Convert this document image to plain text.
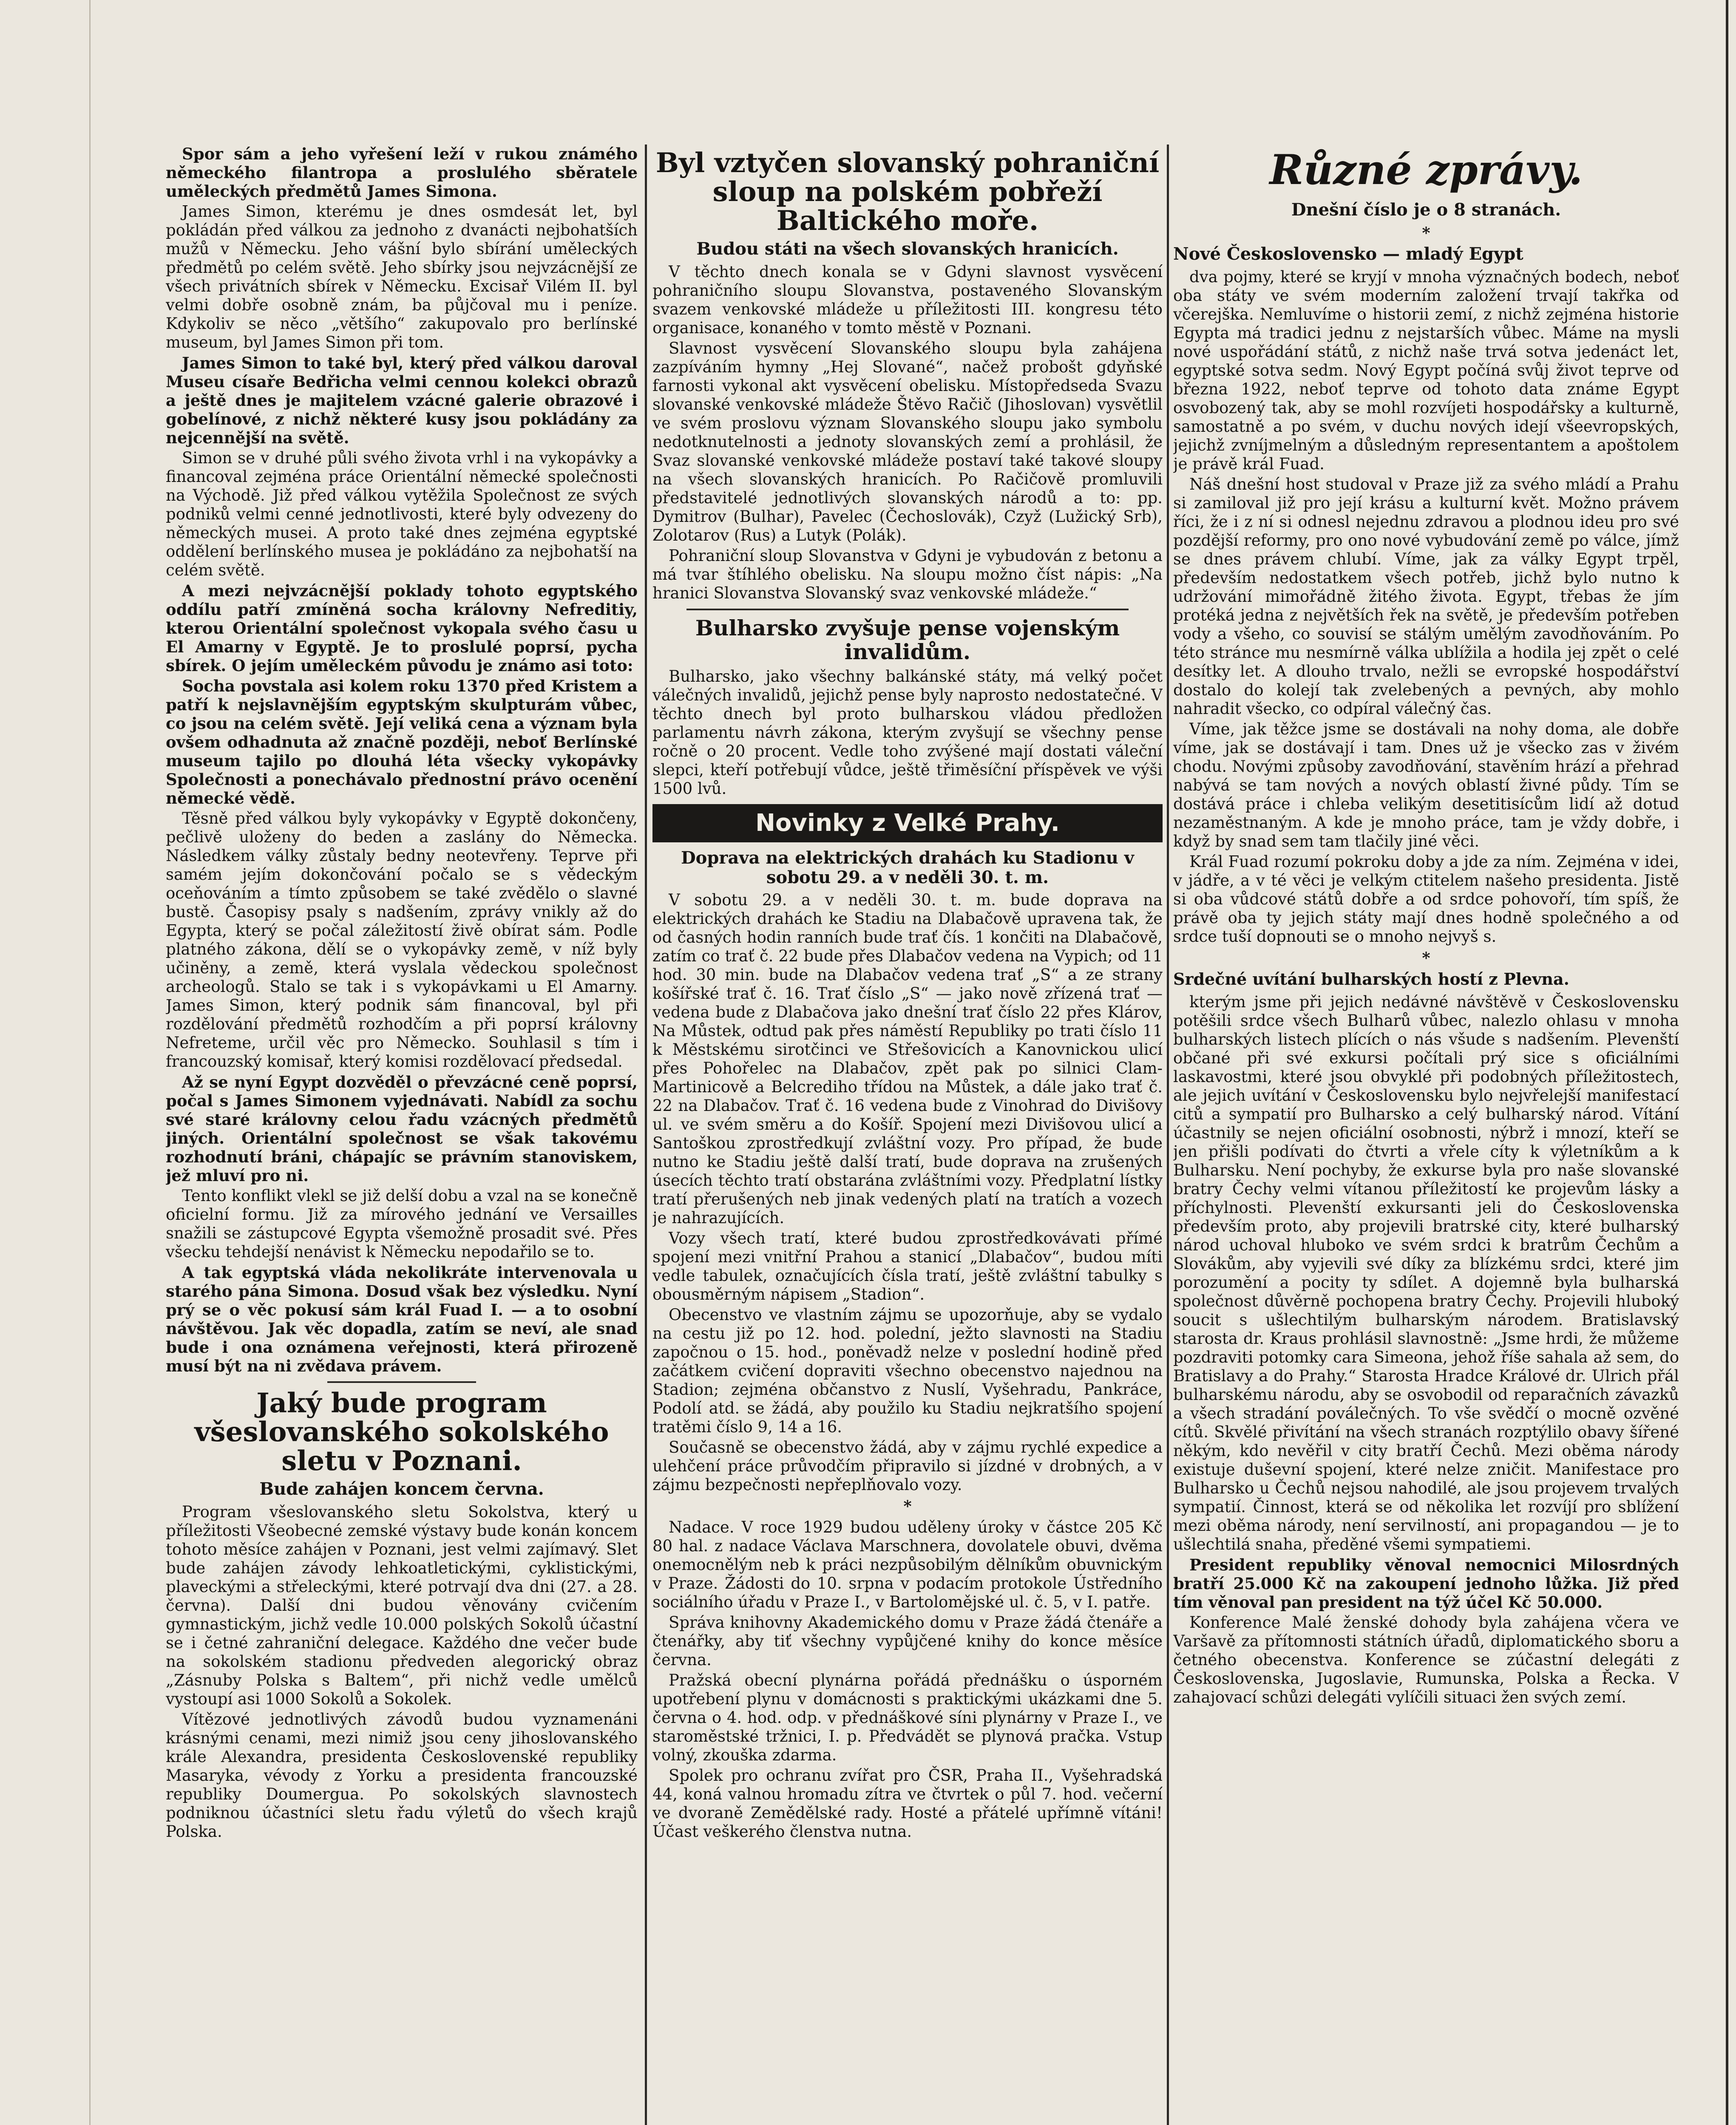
Spor sám a jeho vyřešení leží v rukou známého německého filantropa a proslulého sběratele uměleckých předmětů James Simona.

James Simon, kterému je dnes osmdesát let, byl pokládán před válkou za jednoho z dvanácti nejbohatších mužů v Německu. Jeho vášní bylo sbírání uměleckých předmětů po celém světě. Jeho sbírky jsou nejvzácnější ze všech privátních sbírek v Německu. Excisař Vilém II. byl velmi dobře osobně znám, ba půjčoval mu i peníze. Kdykoliv se něco „většího“ zakupovalo pro berlínské museum, byl James Simon při tom.

James Simon to také byl, který před válkou daroval Museu císaře Bedřicha velmi cennou kolekci obrazů a ještě dnes je majitelem vzácné galerie obrazové i gobelínové, z nichž některé kusy jsou pokládány za nejcennější na světě.

Simon se v druhé půli svého života vrhl i na vykopávky a financoval zejména práce Orientální německé společnosti na Východě. Již před válkou vytěžila Společnost ze svých podniků velmi cenné jednotlivosti, které byly odvezeny do německých musei. A proto také dnes zejména egyptské oddělení berlínského musea je pokládáno za nejbohatší na celém světě.

A mezi nejvzácnější poklady tohoto egyptského oddílu patří zmíněná socha královny Nefreditiy, kterou Orientální společnost vykopala svého času u El Amarny v Egyptě. Je to proslulé poprsí, pycha sbírek. O jejím uměleckém původu je známo asi toto:

Socha povstala asi kolem roku 1370 před Kristem a patří k nejslavnějším egyptským skulpturám vůbec, co jsou na celém světě. Její veliká cena a význam byla ovšem odhadnuta až značně později, neboť Berlínské museum tajilo po dlouhá léta všecky vykopávky Společnosti a ponechávalo přednostní právo ocenění německé vědě.

Těsně před válkou byly vykopávky v Egyptě dokončeny, pečlivě uloženy do beden a zaslány do Německa. Následkem války zůstaly bedny neotevřeny. Teprve při samém jejím dokončování počalo se s vědeckým oceňováním a tímto způsobem se také zvědělo o slavné bustě. Časopisy psaly s nadšením, zprávy vnikly až do Egypta, který se počal záležitostí živě obírat sám. Podle platného zákona, dělí se o vykopávky země, v níž byly učiněny, a země, která vyslala vědeckou společnost archeologů. Stalo se tak i s vykopávkami u El Amarny. James Simon, který podnik sám financoval, byl při rozdělování předmětů rozhodčím a při poprsí královny Nefreteme, určil věc pro Německo. Souhlasil s tím i francouzský komisař, který komisi rozdělovací předsedal.

Až se nyní Egypt dozvěděl o převzácné ceně poprsí, počal s James Simonem vyjednávati. Nabídl za sochu své staré královny celou řadu vzácných předmětů jiných. Orientální společnost se však takovému rozhodnutí bráni, chápajíc se právním stanoviskem, jež mluví pro ni.

Tento konflikt vlekl se již delší dobu a vzal na se konečně oficielní formu. Již za mírového jednání ve Versailles snažili se zástupcové Egypta všemožně prosadit své. Přes všecku tehdejší nenávist k Německu nepodařilo se to.

A tak egyptská vláda nekolikráte intervenovala u starého pána Simona. Dosud však bez výsledku. Nyní prý se o věc pokusí sám král Fuad I. — a to osobní návštěvou. Jak věc dopadla, zatím se neví, ale snad bude i ona oznámena veřejnosti, která přirozeně musí být na ni zvědava právem.

Jaký bude program všeslovanského sokolského sletu v Poznani.
Bude zahájen koncem června.

Program všeslovanského sletu Sokolstva, který u příležitosti Všeobecné zemské výstavy bude konán koncem tohoto měsíce zahájen v Poznani, jest velmi zajímavý. Slet bude zahájen závody lehkoatletickými, cyklistickými, plaveckými a střeleckými, které potrvají dva dni (27. a 28. června). Další dni budou věnovány cvičením gymnastickým, jichž vedle 10.000 polských Sokolů účastní se i četné zahraniční delegace. Každého dne večer bude na sokolském stadionu předveden alegorický obraz „Zásnuby Polska s Baltem“, při nichž vedle umělců vystoupí asi 1000 Sokolů a Sokolek.

Vítězové jednotlivých závodů budou vyznamenáni krásnými cenami, mezi nimiž jsou ceny jihoslovanského krále Alexandra, presidenta Československé republiky Masaryka, vévody z Yorku a presidenta francouzské republiky Doumergua. Po sokolských slavnostech podniknou účastníci sletu řadu výletů do všech krajů Polska.

Byl vztyčen slovanský pohraniční sloup na polském pobřeží Baltického moře.
Budou státi na všech slovanských hranicích.

V těchto dnech konala se v Gdyni slavnost vysvěcení pohraničního sloupu Slovanstva, postaveného Slovanským svazem venkovské mládeže u příležitosti III. kongresu této organisace, konaného v tomto městě v Poznani.

Slavnost vysvěcení Slovanského sloupu byla zahájena zazpíváním hymny „Hej Slované“, načež probošt gdyňské farnosti vykonal akt vysvěcení obelisku. Místopředseda Svazu slovanské venkovské mládeže Štěvo Račič (Jihoslovan) vysvětlil ve svém proslovu význam Slovanského sloupu jako symbolu nedotknutelnosti a jednoty slovanských zemí a prohlásil, že Svaz slovanské venkovské mládeže postaví také takové sloupy na všech slovanských hranicích. Po Račičově promluvili představitelé jednotlivých slovanských národů a to: pp. Dymitrov (Bulhar), Pavelec (Čechoslovák), Czyž (Lužický Srb), Zolotarov (Rus) a Lutyk (Polák).

Pohraniční sloup Slovanstva v Gdyni je vybudován z betonu a má tvar štíhlého obelisku. Na sloupu možno číst nápis: „Na hranici Slovanstva Slovanský svaz venkovské mládeže.“

Bulharsko zvyšuje pense vojenským invalidům.

Bulharsko, jako všechny balkánské státy, má velký počet válečných invalidů, jejichž pense byly naprosto nedostatečné. V těchto dnech byl proto bulharskou vládou předložen parlamentu návrh zákona, kterým zvyšují se všechny pense ročně o 20 procent. Vedle toho zvýšené mají dostati váleční slepci, kteří potřebují vůdce, ještě třiměsíční příspěvek ve výši 1500 lvů.

Novinky z Velké Prahy.
Doprava na elektrických drahách ku Stadionu v sobotu 29. a v neděli 30. t. m.

V sobotu 29. a v neděli 30. t. m. bude doprava na elektrických drahách ke Stadiu na Dlabačově upravena tak, že od časných hodin ranních bude trať čís. 1 končiti na Dlabačově, zatím co trať č. 22 bude přes Dlabačov vedena na Vypich; od 11 hod. 30 min. bude na Dlabačov vedena trať „S“ a ze strany košířské trať č. 16. Trať číslo „S“ — jako nově zřízená trať — vedena bude z Dlabačova jako dnešní trať číslo 22 přes Klárov, Na Můstek, odtud pak přes náměstí Republiky po trati číslo 11 k Městskému sirotčinci ve Střešovicích a Kanovnickou ulicí přes Pohořelec na Dlabačov, zpět pak po silnici Clam-Martinicově a Belcrediho třídou na Můstek, a dále jako trať č. 22 na Dlabačov. Trať č. 16 vedena bude z Vinohrad do Divišovy ul. ve svém směru a do Košíř. Spojení mezi Divišovou ulicí a Santoškou zprostředkují zvláštní vozy. Pro případ, že bude nutno ke Stadiu ještě další tratí, bude doprava na zrušených úsecích těchto tratí obstarána zvláštními vozy. Předplatní lístky tratí přerušených neb jinak vedených platí na tratích a vozech je nahrazujících.

Vozy všech tratí, které budou zprostředkovávati přímé spojení mezi vnitřní Prahou a stanicí „Dlabačov“, budou míti vedle tabulek, označujících čísla tratí, ještě zvláštní tabulky s obousměrným nápisem „Stadion“.

Obecenstvo ve vlastním zájmu se upozorňuje, aby se vydalo na cestu již po 12. hod. polední, ježto slavnosti na Stadiu započnou o 15. hod., poněvadž nelze v poslední hodině před začátkem cvičení dopraviti všechno obecenstvo najednou na Stadion; zejména občanstvo z Nuslí, Vyšehradu, Pankráce, Podolí atd. se žádá, aby použilo ku Stadiu nejkratšího spojení tratěmi číslo 9, 14 a 16.

Současně se obecenstvo žádá, aby v zájmu rychlé expedice a ulehčení práce průvodčím připravilo si jízdné v drobných, a v zájmu bezpečnosti nepřeplňovalo vozy.

*

Nadace. V roce 1929 budou uděleny úroky v částce 205 Kč 80 hal. z nadace Václava Marschnera, dovolatele obuvi, dvěma onemocnělým neb k práci nezpůsobilým dělníkům obuvnickým v Praze. Žádosti do 10. srpna v podacím protokole Ústředního sociálního úřadu v Praze I., v Bartolomějské ul. č. 5, v I. patře.

Správa knihovny Akademického domu v Praze žádá čtenáře a čtenářky, aby tiť všechny vypůjčené knihy do konce měsíce června.

Pražská obecní plynárna pořádá přednášku o úsporném upotřebení plynu v domácnosti s praktickými ukázkami dne 5. června o 4. hod. odp. v přednáškové síni plynárny v Praze I., ve staroměstské tržnici, I. p. Předvádět se plynová pračka. Vstup volný, zkouška zdarma.

Spolek pro ochranu zvířat pro ČSR, Praha II., Vyšehradská 44, koná valnou hromadu zítra ve čtvrtek o půl 7. hod. večerní ve dvoraně Zemědělské rady. Hosté a přátelé upřímně vítáni! Účast veškerého členstva nutna.

Různé zprávy.
Dnešní číslo je o 8 stranách.
*
Nové Československo — mladý Egypt

dva pojmy, které se kryjí v mnoha význačných bodech, neboť oba státy ve svém moderním založení trvají takřka od včerejška. Nemluvíme o historii zemí, z nichž zejména historie Egypta má tradici jednu z nejstarších vůbec. Máme na mysli nové uspořádání států, z nichž naše trvá sotva jedenáct let, egyptské sotva sedm. Nový Egypt počíná svůj život teprve od března 1922, neboť teprve od tohoto data známe Egypt osvobozený tak, aby se mohl rozvíjeti hospodářsky a kulturně, samostatně a po svém, v duchu nových idejí všeevropských, jejichž zvníjmelným a důsledným representantem a apoštolem je právě král Fuad.

Náš dnešní host studoval v Praze již za svého mládí a Prahu si zamiloval již pro její krásu a kulturní květ. Možno právem říci, že i z ní si odnesl nejednu zdravou a plodnou ideu pro své pozdější reformy, pro ono nové vybudování země po válce, jímž se dnes právem chlubí. Víme, jak za války Egypt trpěl, především nedostatkem všech potřeb, jichž bylo nutno k udržování mimořádně žitého života. Egypt, třebas že jím protéká jedna z největších řek na světě, je především potřeben vody a všeho, co souvisí se stálým umělým zavodňováním. Po této stránce mu nesmírně válka ublížila a hodila jej zpět o celé desítky let. A dlouho trvalo, nežli se evropské hospodářství dostalo do kolejí tak zvelebených a pevných, aby mohlo nahradit všecko, co odpíral válečný čas.

Víme, jak těžce jsme se dostávali na nohy doma, ale dobře víme, jak se dostávají i tam. Dnes už je všecko zas v živém chodu. Novými způsoby zavodňování, stavěním hrází a přehrad nabývá se tam nových a nových oblastí živné půdy. Tím se dostává práce i chleba velikým desetitisícům lidí až dotud nezaměstnaným. A kde je mnoho práce, tam je vždy dobře, i když by snad sem tam tlačily jiné věci.

Král Fuad rozumí pokroku doby a jde za ním. Zejména v idei, v jádře, a v té věci je velkým ctitelem našeho presidenta. Jistě si oba vůdcové států dobře a od srdce pohovoří, tím spíš, že právě oba ty jejich státy mají dnes hodně společného a od srdce tuší dopnouti se o mnoho nejvyš s.

*
Srdečné uvítání bulharských hostí z Plevna.

kterým jsme při jejich nedávné návštěvě v Československu potěšili srdce všech Bulharů vůbec, nalezlo ohlasu v mnoha bulharských listech plících o nás všude s nadšením. Plevenští občané při své exkursi počítali prý sice s oficiálními laskavostmi, které jsou obvyklé při podobných příležitostech, ale jejich uvítání v Československu bylo nejvřelejší manifestací citů a sympatií pro Bulharsko a celý bulharský národ. Vítání účastnily se nejen oficiální osobnosti, nýbrž i mnozí, kteří se jen přišli podívati do čtvrti a vřele cíty k výletníkům a k Bulharsku. Není pochyby, že exkurse byla pro naše slovanské bratry Čechy velmi vítanou příležitostí ke projevům lásky a příchylnosti. Plevenští exkursanti jeli do Československa především proto, aby projevili bratrské city, které bulharský národ uchoval hluboko ve svém srdci k bratrům Čechům a Slovákům, aby vyjevili své díky za blízkému srdci, které jim porozumění a pocity ty sdílet. A dojemně byla bulharská společnost důvěrně pochopena bratry Čechy. Projevili hluboký soucit s ušlechtilým bulharským národem. Bratislavský starosta dr. Kraus prohlásil slavnostně: „Jsme hrdi, že můžeme pozdraviti potomky cara Simeona, jehož říše sahala až sem, do Bratislavy a do Prahy.“ Starosta Hradce Králové dr. Ulrich přál bulharskému národu, aby se osvobodil od reparačních závazků a všech stradání poválečných. To vše svědčí o mocně ozvěné cítů. Skvělé přivítání na všech stranách rozptýlilo obavy šířené někým, kdo nevěřil v city bratří Čechů. Mezi oběma národy existuje duševní spojení, které nelze zničit. Manifestace pro Bulharsko u Čechů nejsou nahodilé, ale jsou projevem trvalých sympatií. Činnost, která se od několika let rozvíjí pro sblížení mezi oběma národy, není servilností, ani propagandou — je to ušlechtilá snaha, předěné všemi sympatiemi.

President republiky věnoval nemocnici Milosrdných bratří 25.000 Kč na zakoupení jednoho lůžka. Již před tím věnoval pan president na týž účel Kč 50.000.

Konference Malé ženské dohody byla zahájena včera ve Varšavě za přítomnosti státních úřadů, diplomatického sboru a četného obecenstva. Konference se zúčastní delegáti z Československa, Jugoslavie, Rumunska, Polska a Řecka. V zahajovací schůzi delegáti vylíčili situaci žen svých zemí.
